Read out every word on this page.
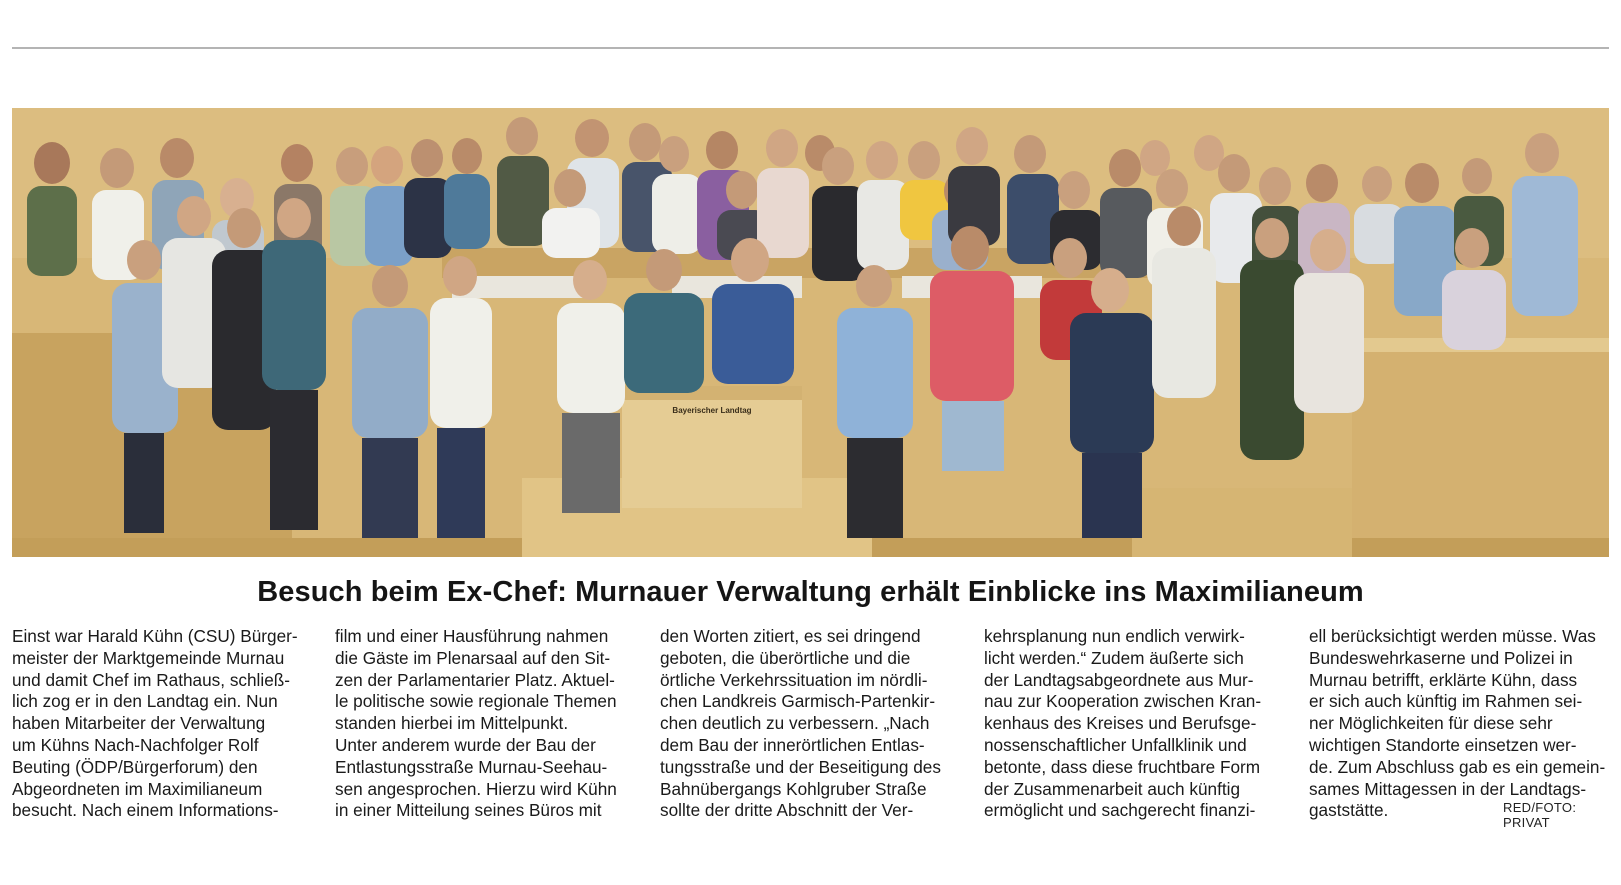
Bayerischer Landtag
Besuch beim Ex-Chef: Murnauer Verwaltung erhält Einblicke ins Maximilianeum
Einst war Harald Kühn (CSU) Bürger-
meister der Marktgemeinde Murnau
und damit Chef im Rathaus, schließ-
lich zog er in den Landtag ein. Nun
haben Mitarbeiter der Verwaltung
um Kühns Nach-Nachfolger Rolf
Beuting (ÖDP/Bürgerforum) den
Abgeordneten im Maximilianeum
besucht. Nach einem Informations-
film und einer Hausführung nahmen
die Gäste im Plenarsaal auf den Sit-
zen der Parlamentarier Platz. Aktuel-
le politische sowie regionale Themen
standen hierbei im Mittelpunkt.
Unter anderem wurde der Bau der
Entlastungsstraße Murnau-Seehau-
sen angesprochen. Hierzu wird Kühn
in einer Mitteilung seines Büros mit
den Worten zitiert, es sei dringend
geboten, die überörtliche und die
örtliche Verkehrssituation im nördli-
chen Landkreis Garmisch-Partenkir-
chen deutlich zu verbessern. „Nach
dem Bau der innerörtlichen Entlas-
tungsstraße und der Beseitigung des
Bahnübergangs Kohlgruber Straße
sollte der dritte Abschnitt der Ver-
kehrsplanung nun endlich verwirk-
licht werden.“ Zudem äußerte sich
der Landtagsabgeordnete aus Mur-
nau zur Kooperation zwischen Kran-
kenhaus des Kreises und Berufsge-
nossenschaftlicher Unfallklinik und
betonte, dass diese fruchtbare Form
der Zusammenarbeit auch künftig
ermöglicht und sachgerecht finanzi-
ell berücksichtigt werden müsse. Was
Bundeswehrkaserne und Polizei in
Murnau betrifft, erklärte Kühn, dass
er sich auch künftig im Rahmen sei-
ner Möglichkeiten für diese sehr
wichtigen Standorte einsetzen wer-
de. Zum Abschluss gab es ein gemein-
sames Mittagessen in der Landtags-
gaststätte.	RED/FOTO: PRIVAT
